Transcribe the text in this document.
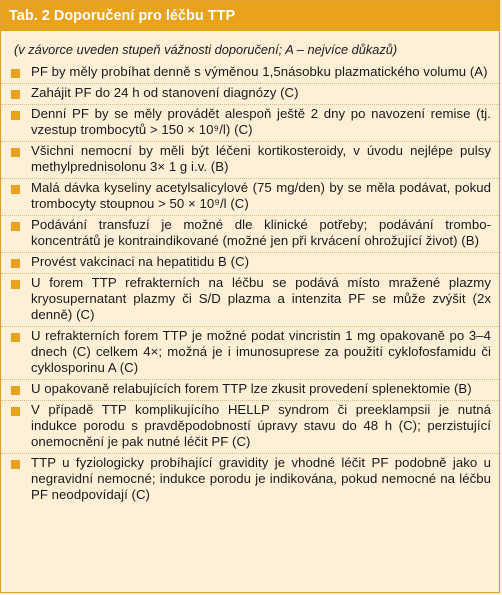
Tab. 2 Doporučení pro léčbu TTP
(v závorce uveden stupeň vážnosti doporučení; A – nejvíce důkazů)
PF by měly probíhat denně s výměnou 1,5násobku plazmatického volumu (A)
Zahájit PF do 24 h od stanovení diagnózy (C)
Denní PF by se měly provádět alespoň ještě 2 dny po navození remise (tj. vzestup trombocytů > 150 × 10⁹/l) (C)
Všichni nemocní by měli být léčeni kortikosteroidy, v úvodu nejlépe pulsy methylprednisolonu 3× 1 g i.v. (B)
Malá dávka kyseliny acetylsalicylové (75 mg/den) by se měla podávat, pokud trombocyty stoupnou > 50 × 10⁹/l (C)
Podávání transfuzí je možné dle klinické potřeby; podávání trombokoncentrátů je kontraindikované (možné jen při krvácení ohrožující život) (B)
Provést vakcinaci na hepatitidu B (C)
U forem TTP refrakterních na léčbu se podává místo mražené plazmy kryosupernatant plazmy či S/D plazma a intenzita PF se může zvýšit (2x denně) (C)
U refrakterních forem TTP je možné podat vincristin 1 mg opakovaně po 3–4 dnech (C) celkem 4×; možná je i imunosuprese za použití cyklofosfamidu či cyklosporinu A (C)
U opakovaně relabujících forem TTP lze zkusit provedení splenektomie (B)
V případě TTP komplikujícího HELLP syndrom či preeklampsii je nutná indukce porodu s pravděpodobností úpravy stavu do 48 h (C); perzistující onemocnění je pak nutné léčit PF (C)
TTP u fyziologicky probíhající gravidity je vhodné léčit PF podobně jako u negravidní nemocné; indukce porodu je indikována, pokud nemocné na léčbu PF neodpovídají (C)
